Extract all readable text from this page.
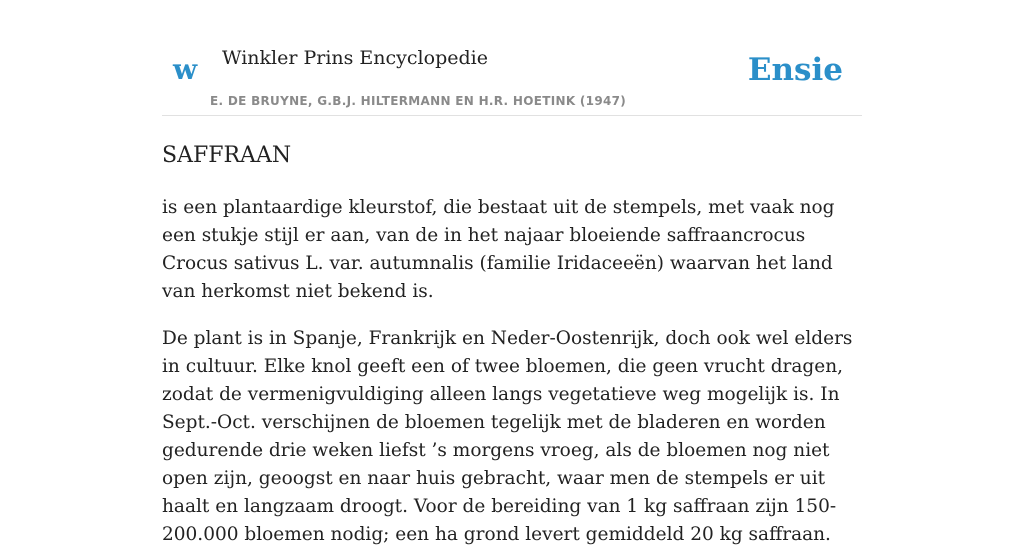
w Winkler Prins Encyclopedie	Ensie
E. DE BRUYNE, G.B.J. HILTERMANN EN H.R. HOETINK (1947)
SAFFRAAN

is een plantaardige kleurstof, die bestaat uit de stempels, met vaak nog een stukje stijl er aan, van de in het najaar bloeiende saffraancrocus Crocus sativus L. var. autumnalis (familie Iridaceeën) waarvan het land van herkomst niet bekend is.

De plant is in Spanje, Frankrijk en Neder-Oostenrijk, doch ook wel elders in cultuur. Elke knol geeft een of twee bloemen, die geen vrucht dragen, zodat de vermenigvuldiging alleen langs vegetatieve weg mogelijk is. In Sept.-Oct. verschijnen de bloemen tegelijk met de bladeren en worden gedurende drie weken liefst ’s morgens vroeg, als de bloemen nog niet open zijn, geoogst en naar huis gebracht, waar men de stempels er uit haalt en langzaam droogt. Voor de bereiding van 1 kg saffraan zijn 150-200.000 bloemen nodig; een ha grond levert gemiddeld 20 kg saffraan.
